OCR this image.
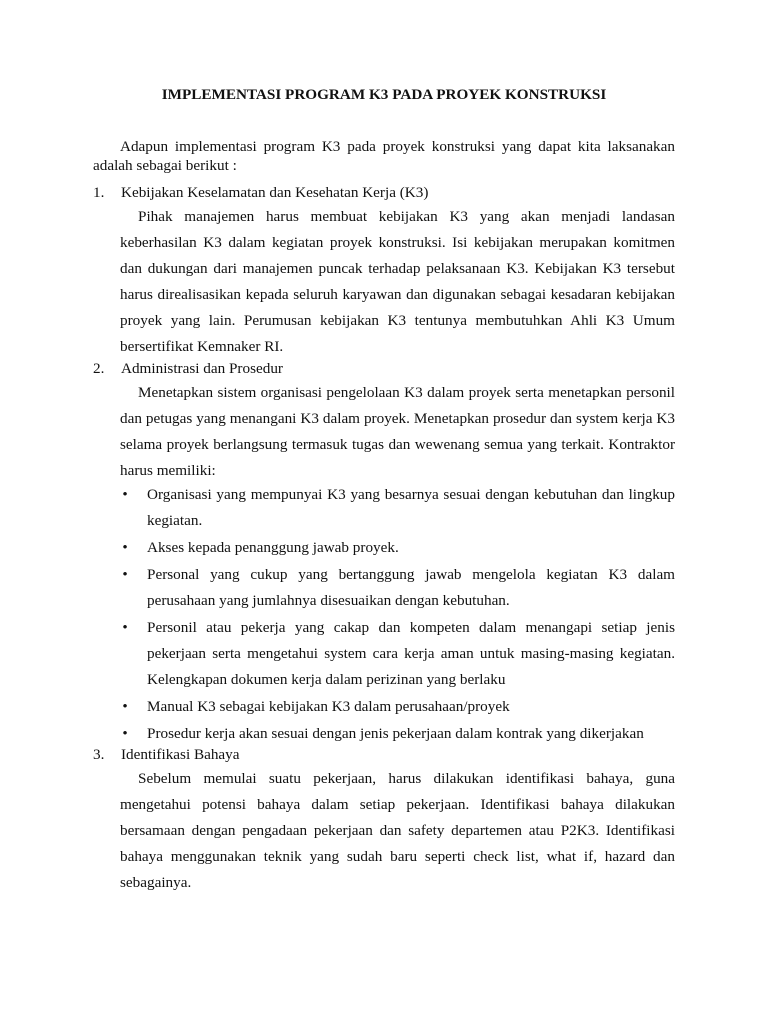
IMPLEMENTASI PROGRAM K3 PADA PROYEK KONSTRUKSI

Adapun implementasi program K3 pada proyek konstruksi yang dapat kita laksanakan adalah sebagai berikut :

1. Kebijakan Keselamatan dan Kesehatan Kerja (K3)

Pihak manajemen harus membuat kebijakan K3 yang akan menjadi landasan keberhasilan K3 dalam kegiatan proyek konstruksi. Isi kebijakan merupakan komitmen dan dukungan dari manajemen puncak terhadap pelaksanaan K3. Kebijakan K3 tersebut harus direalisasikan kepada seluruh karyawan dan digunakan sebagai kesadaran kebijakan proyek yang lain. Perumusan kebijakan K3 tentunya membutuhkan Ahli K3 Umum bersertifikat Kemnaker RI.

2. Administrasi dan Prosedur

Menetapkan sistem organisasi pengelolaan K3 dalam proyek serta menetapkan personil dan petugas yang menangani K3 dalam proyek. Menetapkan prosedur dan system kerja K3 selama proyek berlangsung termasuk tugas dan wewenang semua yang terkait. Kontraktor harus memiliki:

• Organisasi yang mempunyai K3 yang besarnya sesuai dengan kebutuhan dan lingkup kegiatan.
• Akses kepada penanggung jawab proyek.
• Personal yang cukup yang bertanggung jawab mengelola kegiatan K3 dalam perusahaan yang jumlahnya disesuaikan dengan kebutuhan.
• Personil atau pekerja yang cakap dan kompeten dalam menangapi setiap jenis pekerjaan serta mengetahui system cara kerja aman untuk masing-masing kegiatan. Kelengkapan dokumen kerja dalam perizinan yang berlaku
• Manual K3 sebagai kebijakan K3 dalam perusahaan/proyek
• Prosedur kerja akan sesuai dengan jenis pekerjaan dalam kontrak yang dikerjakan
3. Identifikasi Bahaya

Sebelum memulai suatu pekerjaan, harus dilakukan identifikasi bahaya, guna mengetahui potensi bahaya dalam setiap pekerjaan. Identifikasi bahaya dilakukan bersamaan dengan pengadaan pekerjaan dan safety departemen atau P2K3. Identifikasi bahaya menggunakan teknik yang sudah baru seperti check list, what if, hazard dan sebagainya.
